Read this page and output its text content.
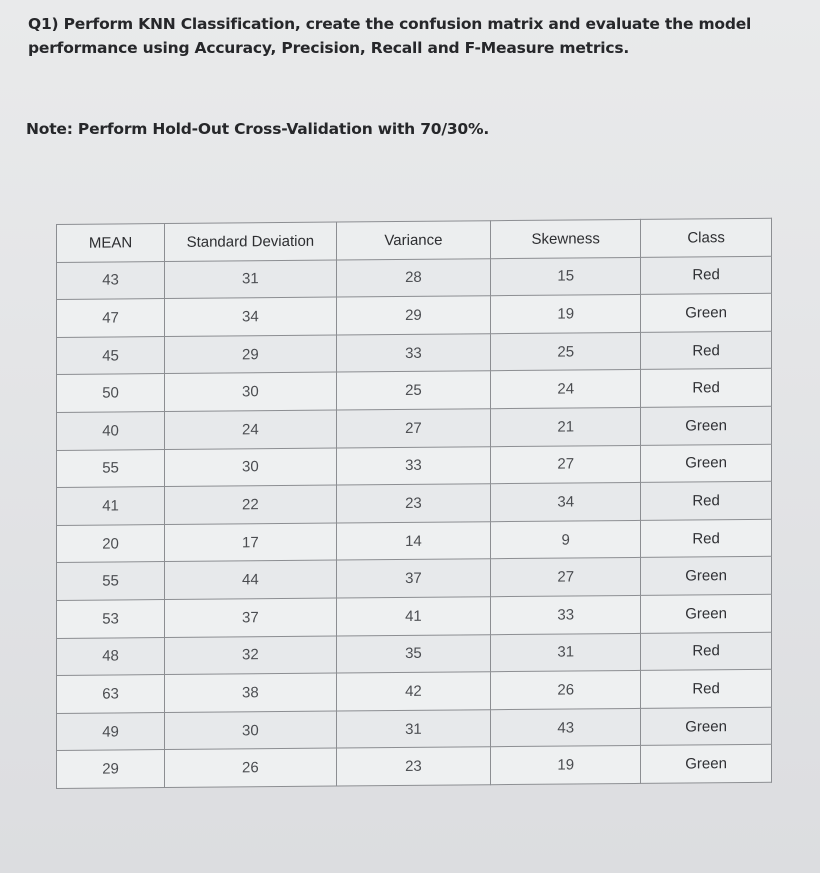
Q1) Perform KNN Classification, create the confusion matrix and evaluate the model performance using Accuracy, Precision, Recall and F-Measure metrics.
Note: Perform Hold-Out Cross-Validation with 70/30%.
MEAN	Standard Deviation	Variance	Skewness	Class
43	31	28	15	Red
47	34	29	19	Green
45	29	33	25	Red
50	30	25	24	Red
40	24	27	21	Green
55	30	33	27	Green
41	22	23	34	Red
20	17	14	9	Red
55	44	37	27	Green
53	37	41	33	Green
48	32	35	31	Red
63	38	42	26	Red
49	30	31	43	Green
29	26	23	19	Green
